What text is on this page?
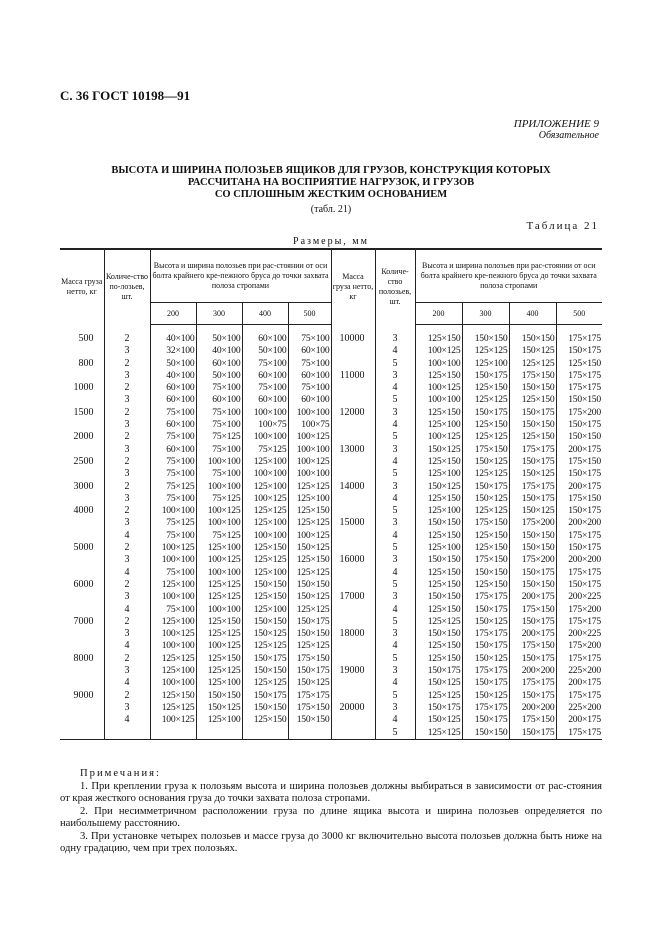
С. 36 ГОСТ 10198—91
ПРИЛОЖЕНИЕ 9
Обязательное
ВЫСОТА И ШИРИНА ПОЛОЗЬЕВ ЯЩИКОВ ДЛЯ ГРУЗОВ, КОНСТРУКЦИЯ КОТОРЫХ
РАССЧИТАНА НА ВОСПРИЯТИЕ НАГРУЗОК, И ГРУЗОВ
СО СПЛОШНЫМ ЖЕСТКИМ ОСНОВАНИЕМ
(табл. 21)
Таблица 21
Размеры, мм
Масса груза нетто, кг	Количе-ство по-лозьев, шт.	Высота и ширина полозьев при рас-стоянии от оси болта крайнего кре-пежного бруса до точки захвата полоза стропами				Масса груза нетто, кг	Количе-ство полозьев, шт.	Высота и ширина полозьев при рас-стоянии от оси болта крайнего кре-пежного бруса до точки захвата полоза стропами			
		200	300	400	500			200	300	400	500
500	2	40×100	50×100	60×100	75×100	10000	3	125×150	150×150	150×150	175×175
	3	32×100	40×100	50×100	60×100		4	100×125	125×125	150×125	150×175
800	2	50×100	60×100	75×100	75×100		5	100×100	125×100	125×125	125×150
	3	40×100	50×100	60×100	60×100	11000	3	125×150	150×175	175×150	175×175
1000	2	60×100	75×100	75×100	75×100		4	100×125	125×150	150×150	175×175
	3	60×100	60×100	60×100	60×100		5	100×100	125×125	125×150	150×150
1500	2	75×100	75×100	100×100	100×100	12000	3	125×150	150×175	150×175	175×200
	3	60×100	75×100	100×75	100×75		4	125×100	125×150	150×150	150×175
2000	2	75×100	75×125	100×100	100×125		5	100×125	125×125	125×150	150×150
	3	60×100	75×100	75×125	100×100	13000	3	150×125	175×150	175×175	200×175
2500	2	75×100	100×100	125×100	100×125		4	125×150	150×125	150×175	175×150
	3	75×100	75×100	100×100	100×100		5	125×100	125×125	150×125	150×175
3000	2	75×125	100×100	125×100	125×125	14000	3	150×125	150×175	175×175	200×175
	3	75×100	75×125	100×125	125×100		4	125×150	150×125	150×175	175×150
4000	2	100×100	100×125	125×125	125×150		5	125×100	125×125	150×125	150×175
	3	75×125	100×100	125×100	125×125	15000	3	150×150	175×150	175×200	200×200
	4	75×100	75×125	100×100	100×125		4	125×150	125×150	150×150	175×175
5000	2	100×125	125×100	125×150	150×125		5	125×100	125×150	150×150	150×175
	3	100×100	100×125	125×125	125×150	16000	3	150×150	175×150	175×200	200×200
	4	75×100	100×100	125×100	125×125		4	125×150	150×150	150×175	175×175
6000	2	125×100	125×125	150×150	150×150		5	125×150	125×150	150×150	150×175
	3	100×100	125×125	125×150	150×125	17000	3	150×150	175×175	200×175	200×225
	4	75×100	100×100	125×100	125×125		4	125×150	150×175	175×150	175×200
7000	2	125×100	125×150	150×150	150×175		5	125×125	150×125	150×175	175×175
	3	100×125	125×125	150×125	150×150	18000	3	150×150	175×175	200×175	200×225
	4	100×100	100×125	125×125	125×125		4	125×150	150×175	175×150	175×200
8000	2	125×125	125×150	150×175	175×150		5	125×150	150×125	150×175	175×175
	3	125×100	125×125	150×150	150×175	19000	3	150×175	175×175	200×200	225×200
	4	100×100	125×100	125×125	150×125		4	150×125	150×175	175×175	200×175
9000	2	125×150	150×150	150×175	175×175		5	125×125	150×125	150×175	175×175
	3	125×125	150×125	150×150	175×150	20000	3	150×175	175×175	200×200	225×200
	4	100×125	125×100	125×150	150×150		4	150×125	150×175	175×150	200×175
							5	125×125	150×150	150×175	175×175
Примечания:

1. При креплении груза к полозьям высота и ширина полозьев должны выбираться в зависимости от рас-стояния от края жесткого основания груза до точки захвата полоза стропами.

2. При несимметричном расположении груза по длине ящика высота и ширина полозьев определяется по наибольшему расстоянию.

3. При установке четырех полозьев и массе груза до 3000 кг включительно высота полозьев должна быть ниже на одну градацию, чем при трех полозьях.
